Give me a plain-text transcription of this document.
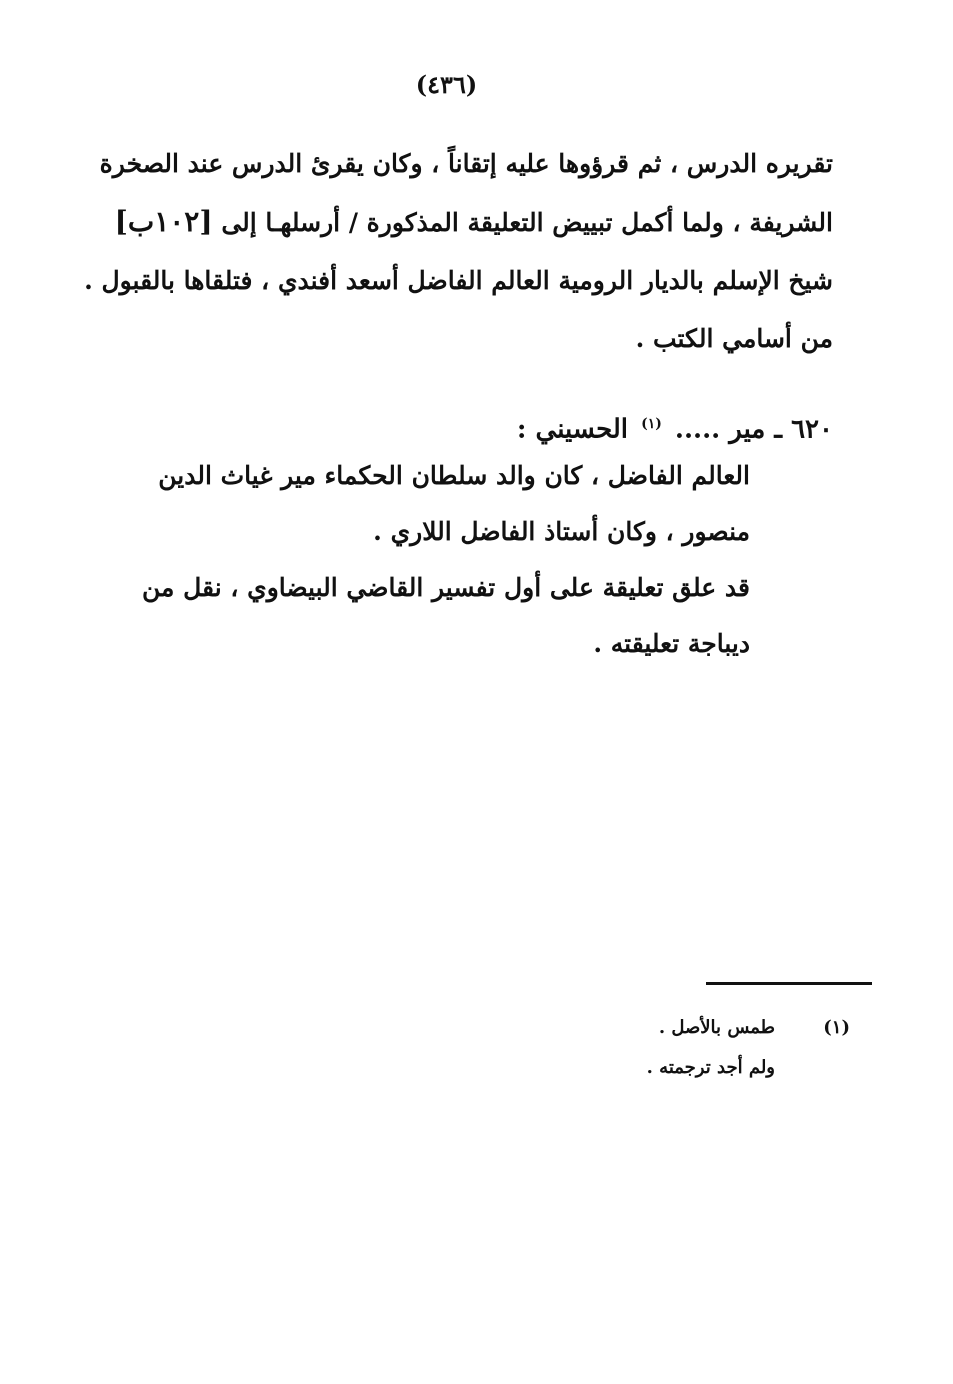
(٤٣٦)
تقريره الدرس ، ثم قرؤوها عليه إتقاناً ، وكان يقرئ الدرس عند الصخرة
الشريفة ، ولما أكمل تبييض التعليقة المذكورة / أرسلهـا إلى [١٠٢ب]
شيخ الإسلم بالديار الرومية العالم الفاضل أسعد أفندي ، فتلقاها بالقبول .
من أسامي الكتب .
٦٢٠ ـ مير ..... $^{(١)}$ الحسيني :
العالم الفاضل ، كان والد سلطان الحكماء مير غياث الدين
منصور ، وكان أستاذ الفاضل اللاري .
قد علق تعليقة على أول تفسير القاضي البيضاوي ، نقل من
ديباجة تعليقته .
(١)طمس بالأصل .
ولم أجد ترجمته .
